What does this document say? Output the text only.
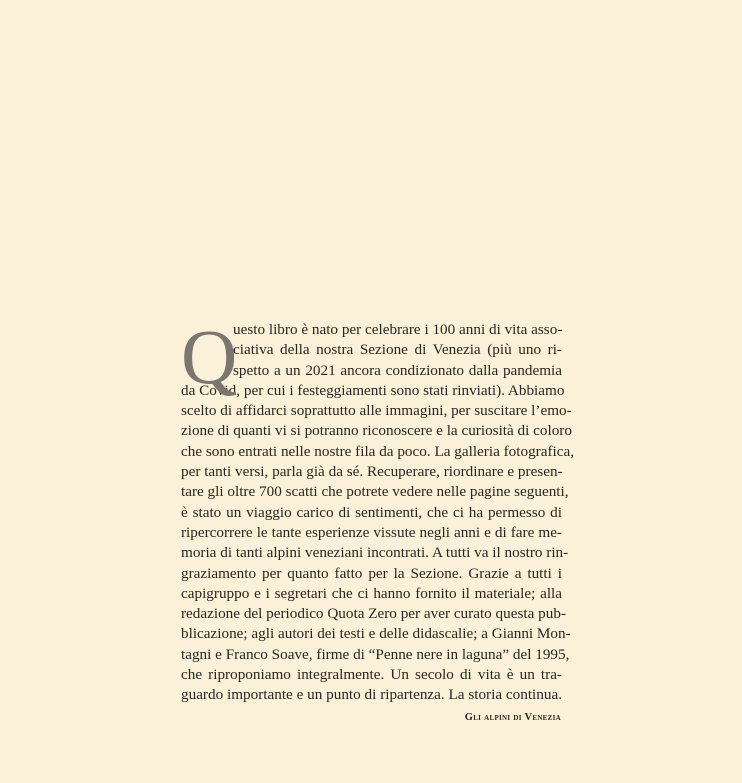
Q
uesto libro è nato per celebrare i 100 anni di vita asso-
ciativa della nostra Sezione di Venezia (più uno ri-
spetto a un 2021 ancora condizionato dalla pandemia
da Covid, per cui i festeggiamenti sono stati rinviati). Abbiamo
scelto di affidarci soprattutto alle immagini, per suscitare l’emo-
zione di quanti vi si potranno riconoscere e la curiosità di coloro
che sono entrati nelle nostre fila da poco. La galleria fotografica,
per tanti versi, parla già da sé. Recuperare, riordinare e presen-
tare gli oltre 700 scatti che potrete vedere nelle pagine seguenti,
è stato un viaggio carico di sentimenti, che ci ha permesso di
ripercorrere le tante esperienze vissute negli anni e di fare me-
moria di tanti alpini veneziani incontrati. A tutti va il nostro rin-
graziamento per quanto fatto per la Sezione. Grazie a tutti i
capigruppo e i segretari che ci hanno fornito il materiale; alla
redazione del periodico Quota Zero per aver curato questa pub-
blicazione; agli autori dei testi e delle didascalie; a Gianni Mon-
tagni e Franco Soave, firme di “Penne nere in laguna” del 1995,
che riproponiamo integralmente. Un secolo di vita è un tra-
guardo importante e un punto di ripartenza. La storia continua.
Gli alpini di Venezia
